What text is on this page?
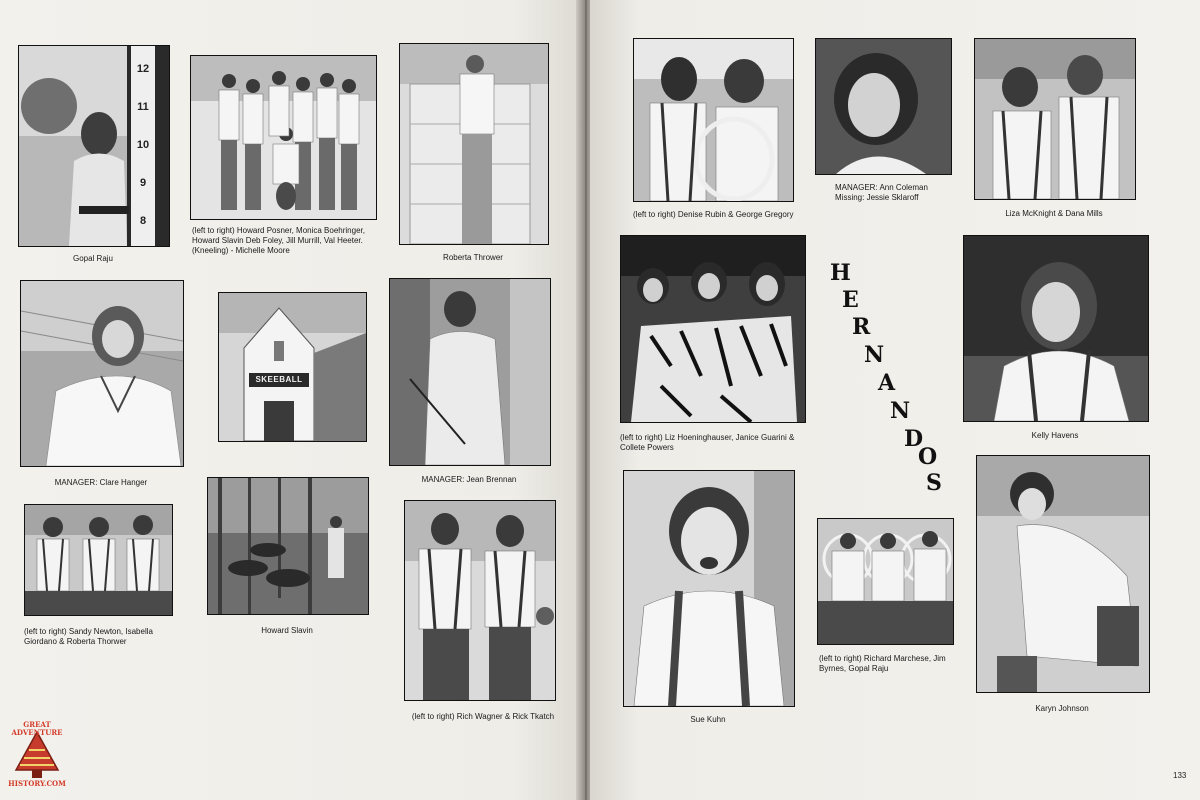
12
11
10
9
8
Gopal Raju
(left to right) Howard Posner, Monica Boehringer, Howard Slavin Deb Foley, Jill Murrill, Val Heeter. (Kneeling) - Michelle Moore
Roberta Thrower
MANAGER: Clare Hanger
SKEEBALL
MANAGER: Jean Brennan
(left to right) Sandy Newton, Isabella Giordano & Roberta Thorwer
Howard Slavin
(left to right) Rich Wagner & Rick Tkatch
GREAT ADVENTURE
HISTORY.COM
(left to right) Denise Rubin & George Gregory
MANAGER: Ann Coleman Missing: Jessie Sklaroff
Liza McKnight & Dana Mills
(left to right) Liz Hoeninghauser, Janice Guarini & Collete Powers
H
E
R
N
A
N
D
O
S
Kelly Havens
Sue Kuhn
(left to right) Richard Marchese, Jim Byrnes, Gopal Raju
Karyn Johnson
133
